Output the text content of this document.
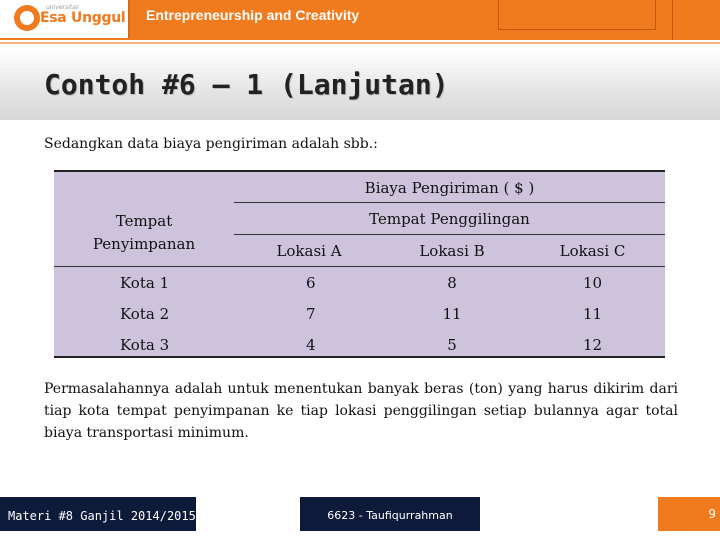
universitas
Esa Unggul Entrepreneurship and Creativity
Contoh #6 – 1 (Lanjutan)
Sedangkan data biaya pengiriman adalah sbb.:
Biaya Pengiriman ( $ )
Tempat
Penyimpanan
Tempat Penggilingan
Lokasi A	Lokasi B	Lokasi C
Kota 1	6	8	10
Kota 2	7	11	11
Kota 3	4	5	12
Permasalahannya adalah untuk menentukan banyak beras (ton) yang harus dikirim dari tiap kota tempat penyimpanan ke tiap lokasi penggilingan setiap bulannya agar total biaya transportasi minimum.
Materi #8 Ganjil 2014/2015	6623 - Taufiqurrahman	9
